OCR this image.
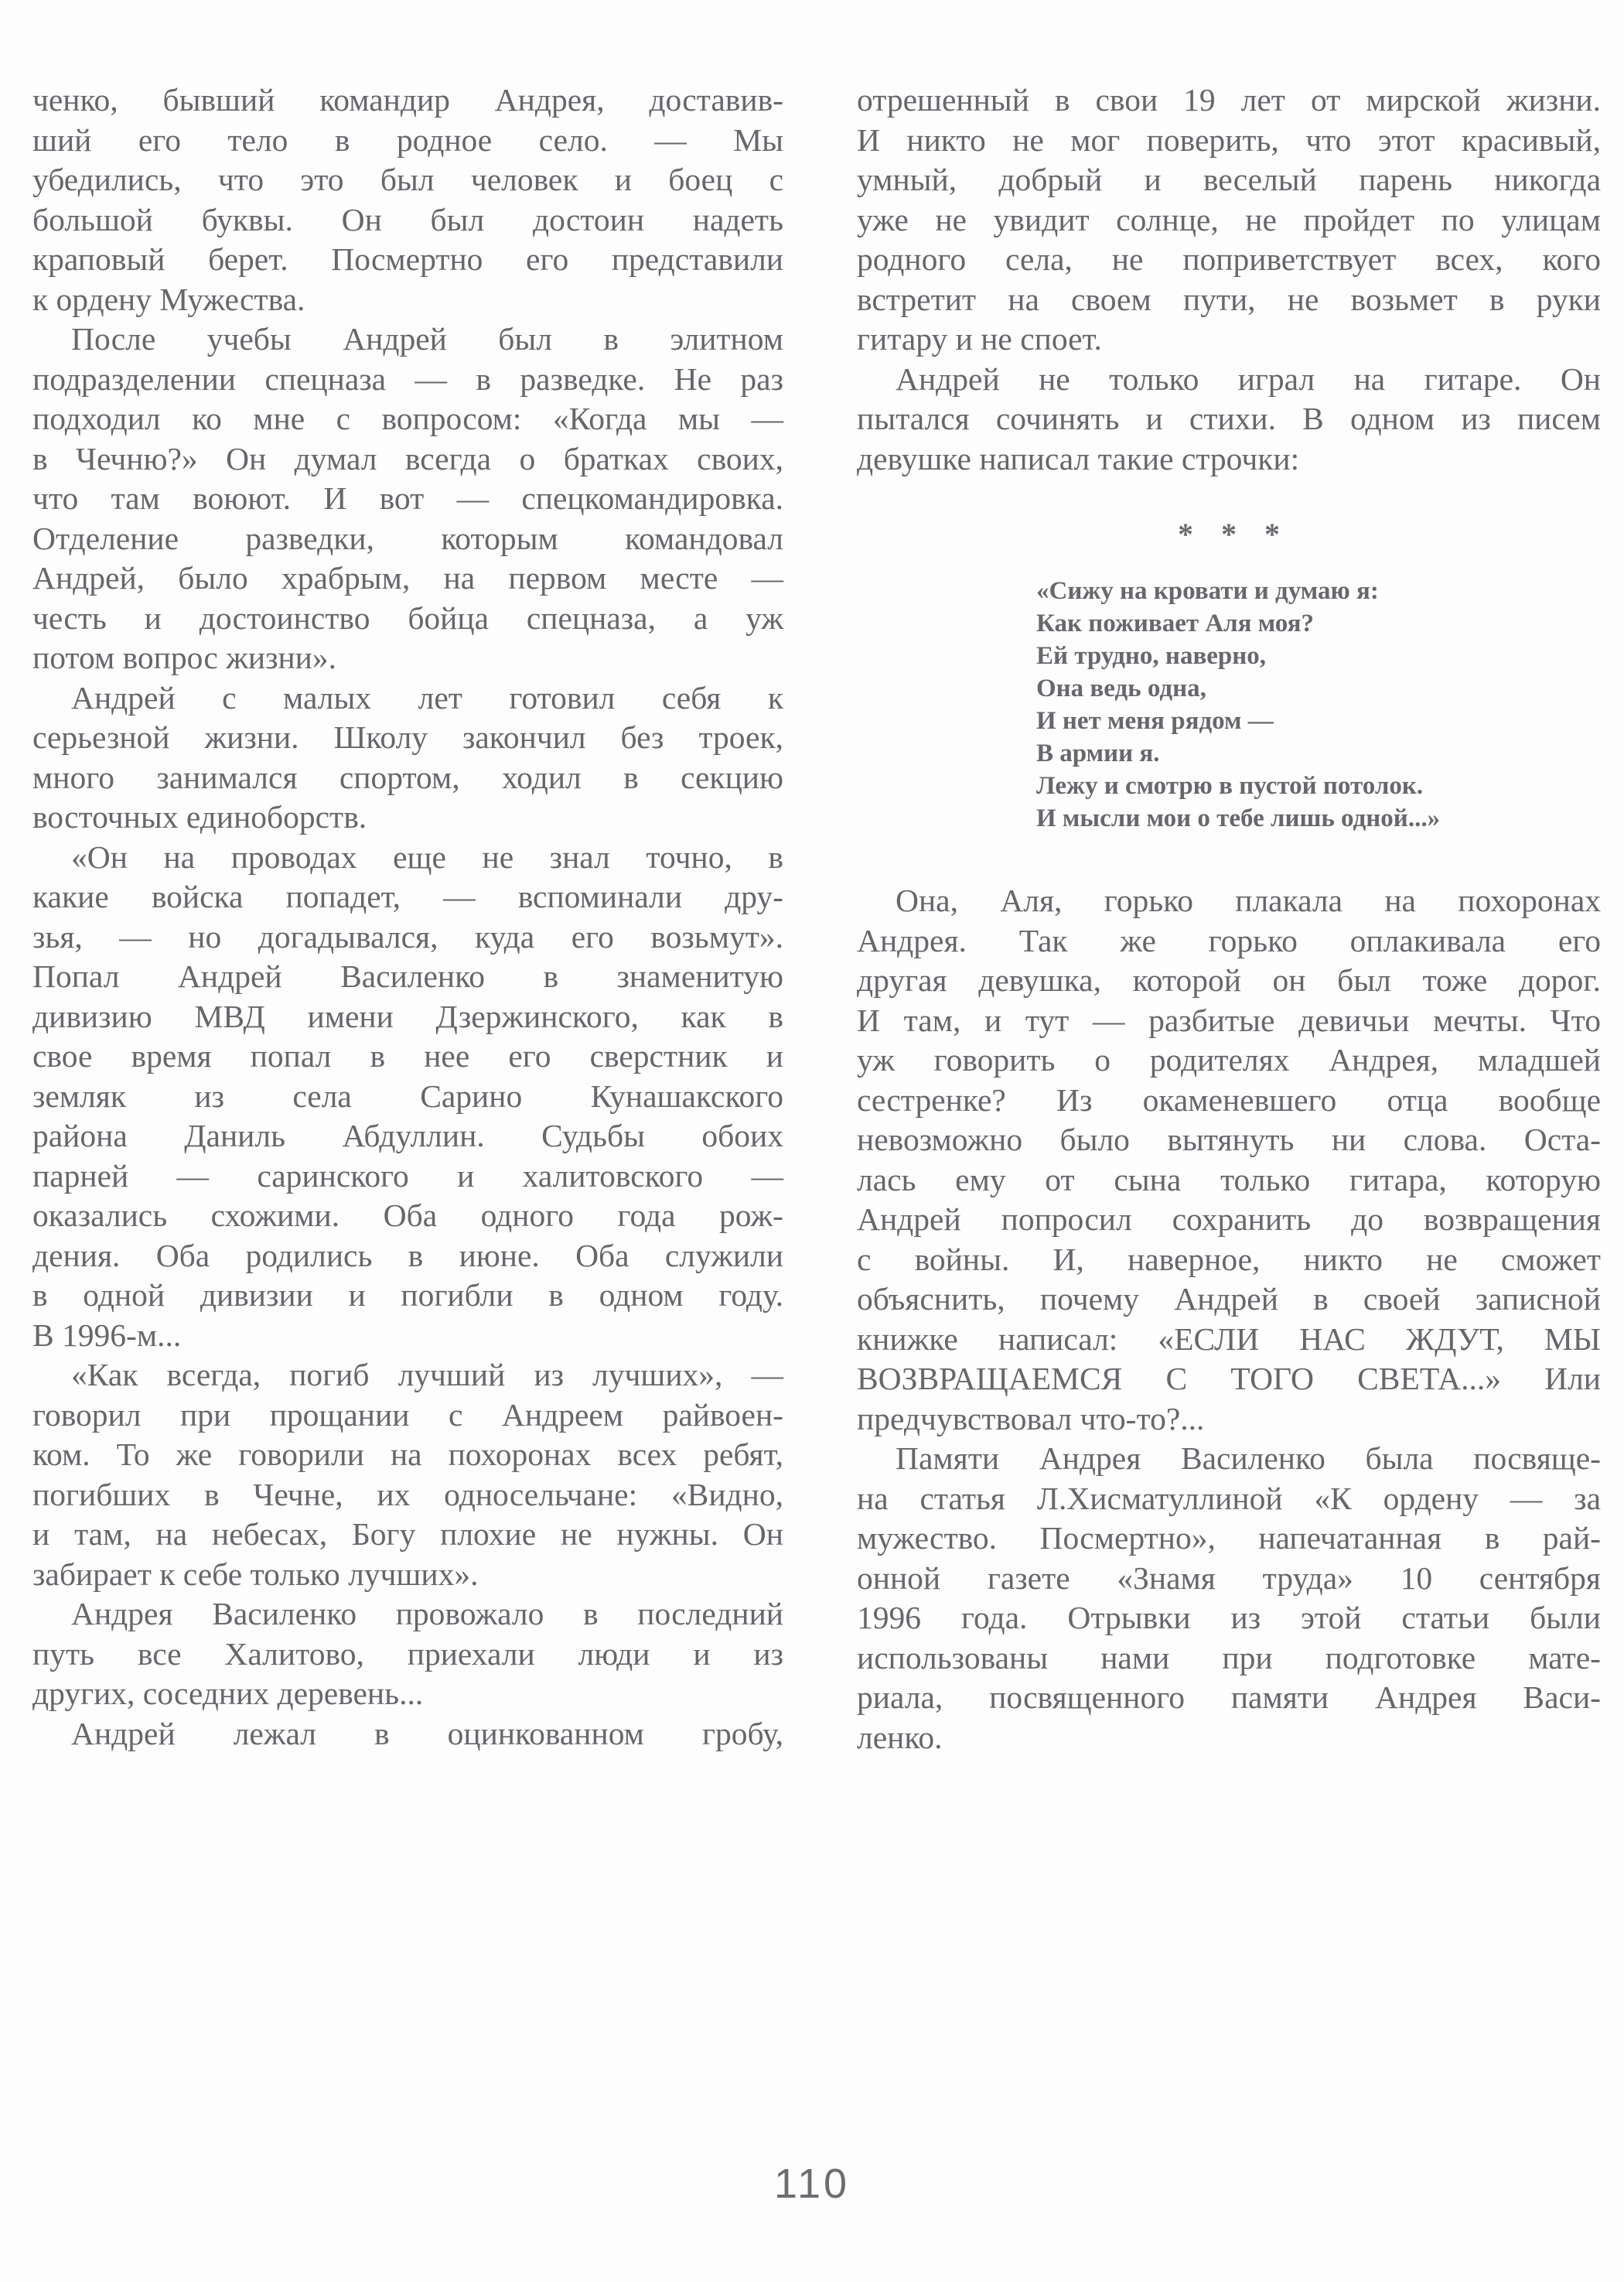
ченко, бывший командир Андрея, доставив-
ший его тело в родное село. — Мы
убедились, что это был человек и боец с
большой буквы. Он был достоин надеть
краповый берет. Посмертно его представили
к ордену Мужества.
После учебы Андрей был в элитном
подразделении спецназа — в разведке. Не раз
подходил ко мне с вопросом: «Когда мы —
в Чечню?» Он думал всегда о братках своих,
что там воюют. И вот — спецкомандировка.
Отделение разведки, которым командовал
Андрей, было храбрым, на первом месте —
честь и достоинство бойца спецназа, а уж
потом вопрос жизни».
Андрей с малых лет готовил себя к
серьезной жизни. Школу закончил без троек,
много занимался спортом, ходил в секцию
восточных единоборств.
«Он на проводах еще не знал точно, в
какие войска попадет, — вспоминали дру-
зья, — но догадывался, куда его возьмут».
Попал Андрей Василенко в знаменитую
дивизию МВД имени Дзержинского, как в
свое время попал в нее его сверстник и
земляк из села Сарино Кунашакского
района Даниль Абдуллин. Судьбы обоих
парней — саринского и халитовского —
оказались схожими. Оба одного года рож-
дения. Оба родились в июне. Оба служили
в одной дивизии и погибли в одном году.
В 1996-м...
«Как всегда, погиб лучший из лучших», —
говорил при прощании с Андреем райвоен-
ком. То же говорили на похоронах всех ребят,
погибших в Чечне, их односельчане: «Видно,
и там, на небесах, Богу плохие не нужны. Он
забирает к себе только лучших».
Андрея Василенко провожало в последний
путь все Халитово, приехали люди и из
других, соседних деревень...
Андрей лежал в оцинкованном гробу,
отрешенный в свои 19 лет от мирской жизни.
И никто не мог поверить, что этот красивый,
умный, добрый и веселый парень никогда
уже не увидит солнце, не пройдет по улицам
родного села, не поприветствует всех, кого
встретит на своем пути, не возьмет в руки
гитару и не споет.
Андрей не только играл на гитаре. Он
пытался сочинять и стихи. В одном из писем
девушке написал такие строчки:
* * *
«Сижу на кровати и думаю я:
Как поживает Аля моя?
Ей трудно, наверно,
Она ведь одна,
И нет меня рядом —
В армии я.
Лежу и смотрю в пустой потолок.
И мысли мои о тебе лишь одной...»
Она, Аля, горько плакала на похоронах
Андрея. Так же горько оплакивала его
другая девушка, которой он был тоже дорог.
И там, и тут — разбитые девичьи мечты. Что
уж говорить о родителях Андрея, младшей
сестренке? Из окаменевшего отца вообще
невозможно было вытянуть ни слова. Оста-
лась ему от сына только гитара, которую
Андрей попросил сохранить до возвращения
с войны. И, наверное, никто не сможет
объяснить, почему Андрей в своей записной
книжке написал: «ЕСЛИ НАС ЖДУТ, МЫ
ВОЗВРАЩАЕМСЯ С ТОГО СВЕТА...» Или
предчувствовал что-то?...
Памяти Андрея Василенко была посвяще-
на статья Л.Хисматуллиной «К ордену — за
мужество. Посмертно», напечатанная в рай-
онной газете «Знамя труда» 10 сентября
1996 года. Отрывки из этой статьи были
использованы нами при подготовке мате-
риала, посвященного памяти Андрея Васи-
ленко.
110
